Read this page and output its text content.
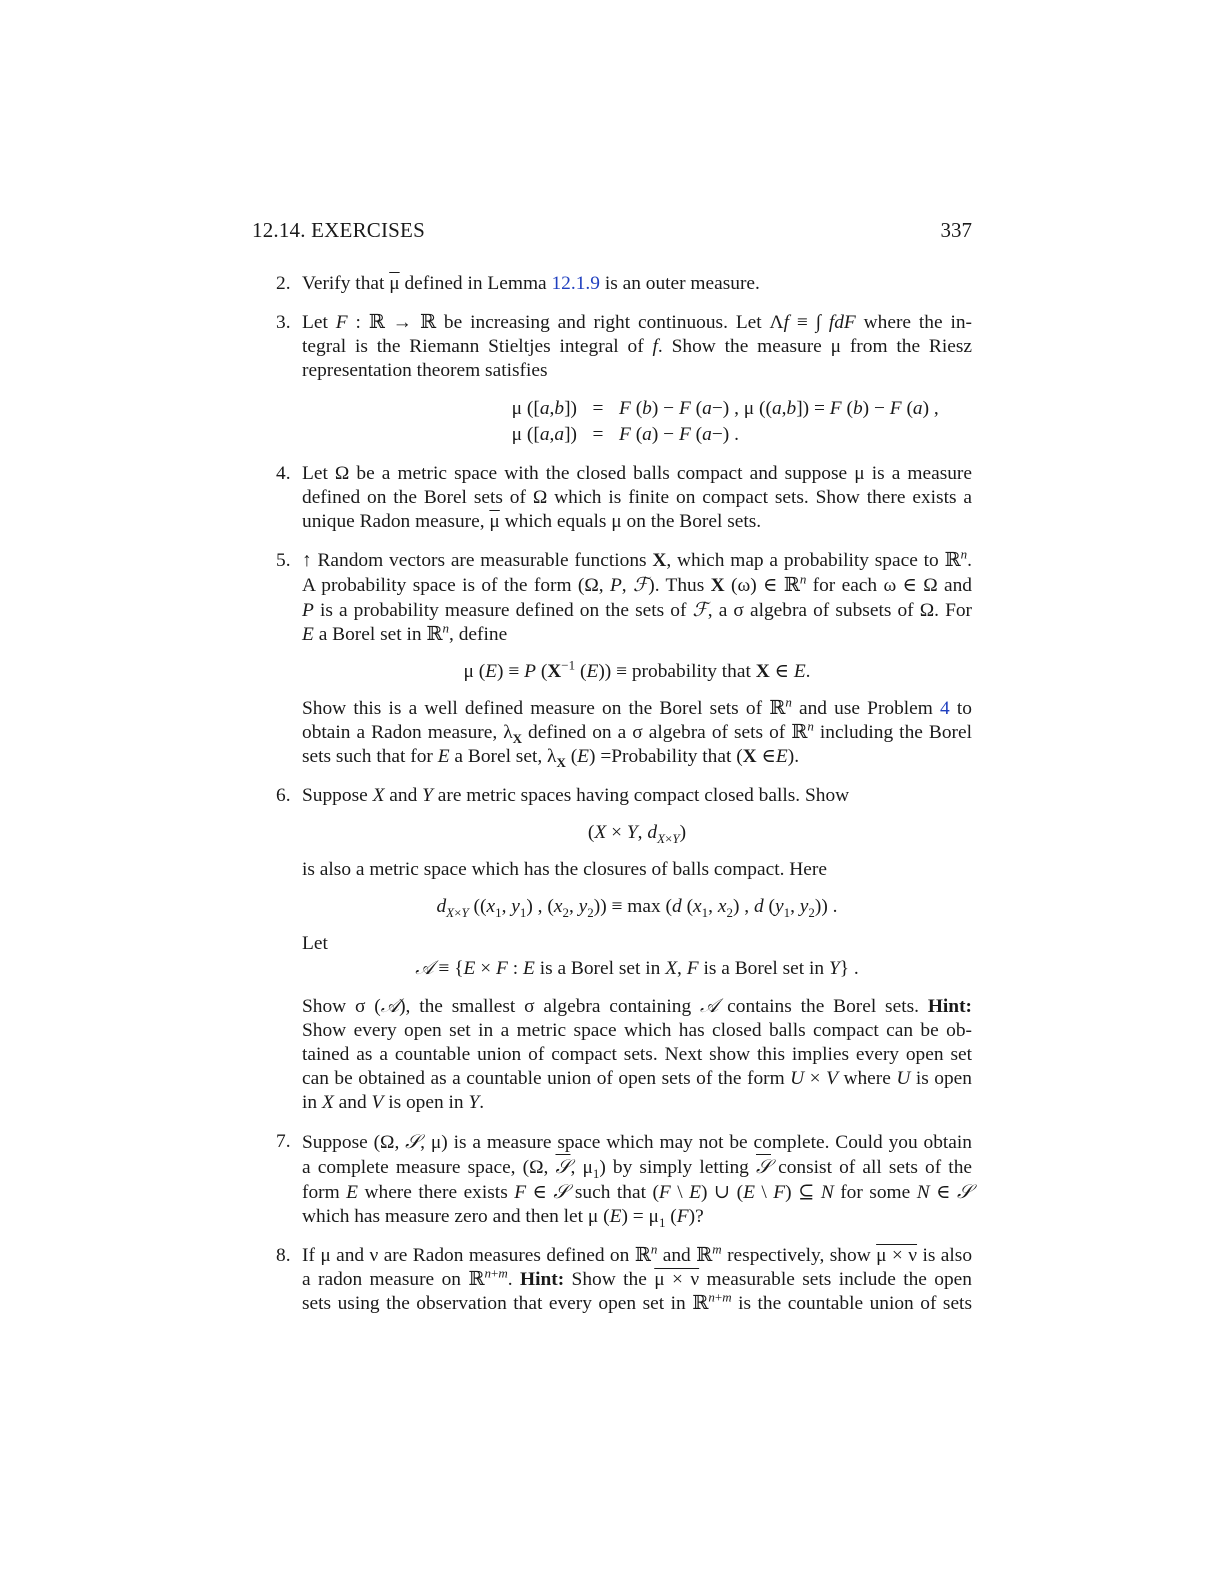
12.14. EXERCISES	337
2. Verify that $\overline{\mu}$ defined in Lemma 12.1.9 is an outer measure.
3. Let F : ℝ → ℝ be increasing and right continuous. Let Λf ≡ ∫ fdF where the in-
tegral is the Riemann Stieltjes integral of f. Show the measure μ from the Riesz
representation theorem satisfies
μ ([a,b]) = F (b) − F (a−) , μ ((a,b]) = F (b) − F (a) ,
μ ([a,a]) = F (a) − F (a−) .
4. Let Ω be a metric space with the closed balls compact and suppose μ is a measure
defined on the Borel sets of Ω which is finite on compact sets. Show there exists a
unique Radon measure, $\overline{\mu}$ which equals μ on the Borel sets.
5. ↑ Random vectors are measurable functions X, which map a probability space to ℝ$^n$.
A probability space is of the form (Ω, P, ℱ). Thus X (ω) ∈ ℝ$^n$ for each ω ∈ Ω and
P is a probability measure defined on the sets of ℱ, a σ algebra of subsets of Ω. For
E a Borel set in ℝ$^n$, define
μ (E) ≡ P ($X^{-1}$ (E)) ≡ probability that X ∈ E.
Show this is a well defined measure on the Borel sets of ℝ$^n$ and use Problem 4 to
obtain a Radon measure, $\lambda_X$ defined on a σ algebra of sets of ℝ$^n$ including the Borel
sets such that for E a Borel set, $\lambda_X$ (E) =Probability that (X ∈E).
6. Suppose X and Y are metric spaces having compact closed balls. Show
(X × Y, $d_{X\times Y}$)
is also a metric space which has the closures of balls compact. Here
$d_{X\times Y}$ (($x_1$, $y_1$) , ($x_2$, $y_2)) \equiv \max (d$ ($x_1$, $x_2$) , d ($y_1$, $y_2$)) .
Let
𝒜 ≡ {E × F : E is a Borel set in X, F is a Borel set in Y} .
Show σ (𝒜), the smallest σ algebra containing 𝒜 contains the Borel sets. Hint:
Show every open set in a metric space which has closed balls compact can be ob-
tained as a countable union of compact sets. Next show this implies every open set
can be obtained as a countable union of open sets of the form U × V where U is open
in X and V is open in Y.
7. Suppose (Ω, 𝒮, μ) is a measure space which may not be complete. Could you obtain
a complete measure space, (Ω, 𝒮, $\mu_1$) by simply letting 𝒮 consist of all sets of the
form E where there exists F ∈ 𝒮 such that (F \ E) ∪ (E \ F) ⊆ N for some N ∈ 𝒮
which has measure zero and then let μ $(E) = \mu_1$ (F)?
8. If μ and ν are Radon measures defined on ℝ$^n$ and ℝ$^m$ respectively, show μ × ν is also
a radon measure on ℝ$^{n+m}$. Hint: Show the μ × ν measurable sets include the open
sets using the observation that every open set in ℝ$^{n+m}$ is the countable union of sets
